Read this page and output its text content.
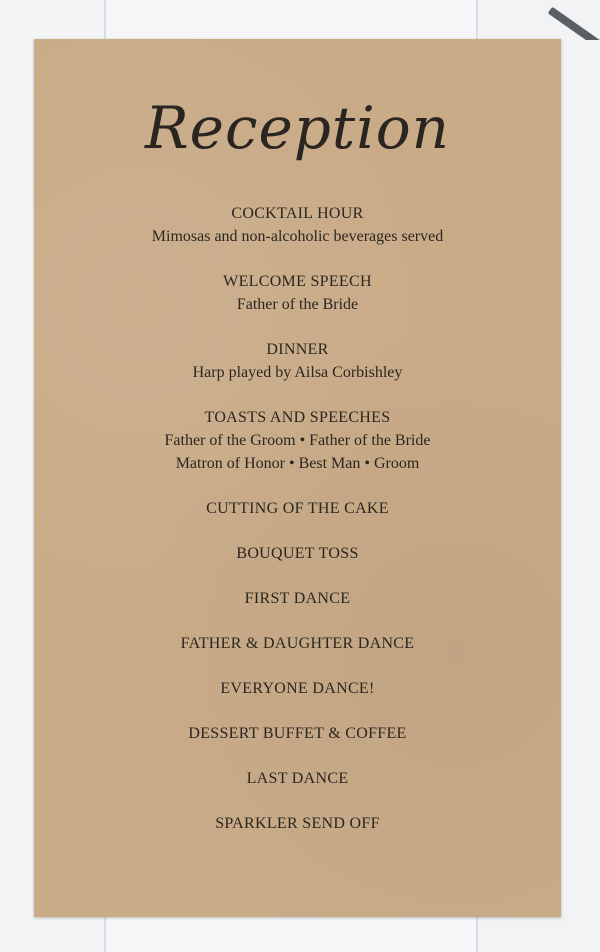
Reception
COCKTAIL HOUR
Mimosas and non-alcoholic beverages served
WELCOME SPEECH
Father of the Bride
DINNER
Harp played by Ailsa Corbishley
TOASTS AND SPEECHES
Father of the Groom • Father of the Bride
Matron of Honor • Best Man • Groom
CUTTING OF THE CAKE
BOUQUET TOSS
FIRST DANCE
FATHER & DAUGHTER DANCE
EVERYONE DANCE!
DESSERT BUFFET & COFFEE
LAST DANCE
SPARKLER SEND OFF
